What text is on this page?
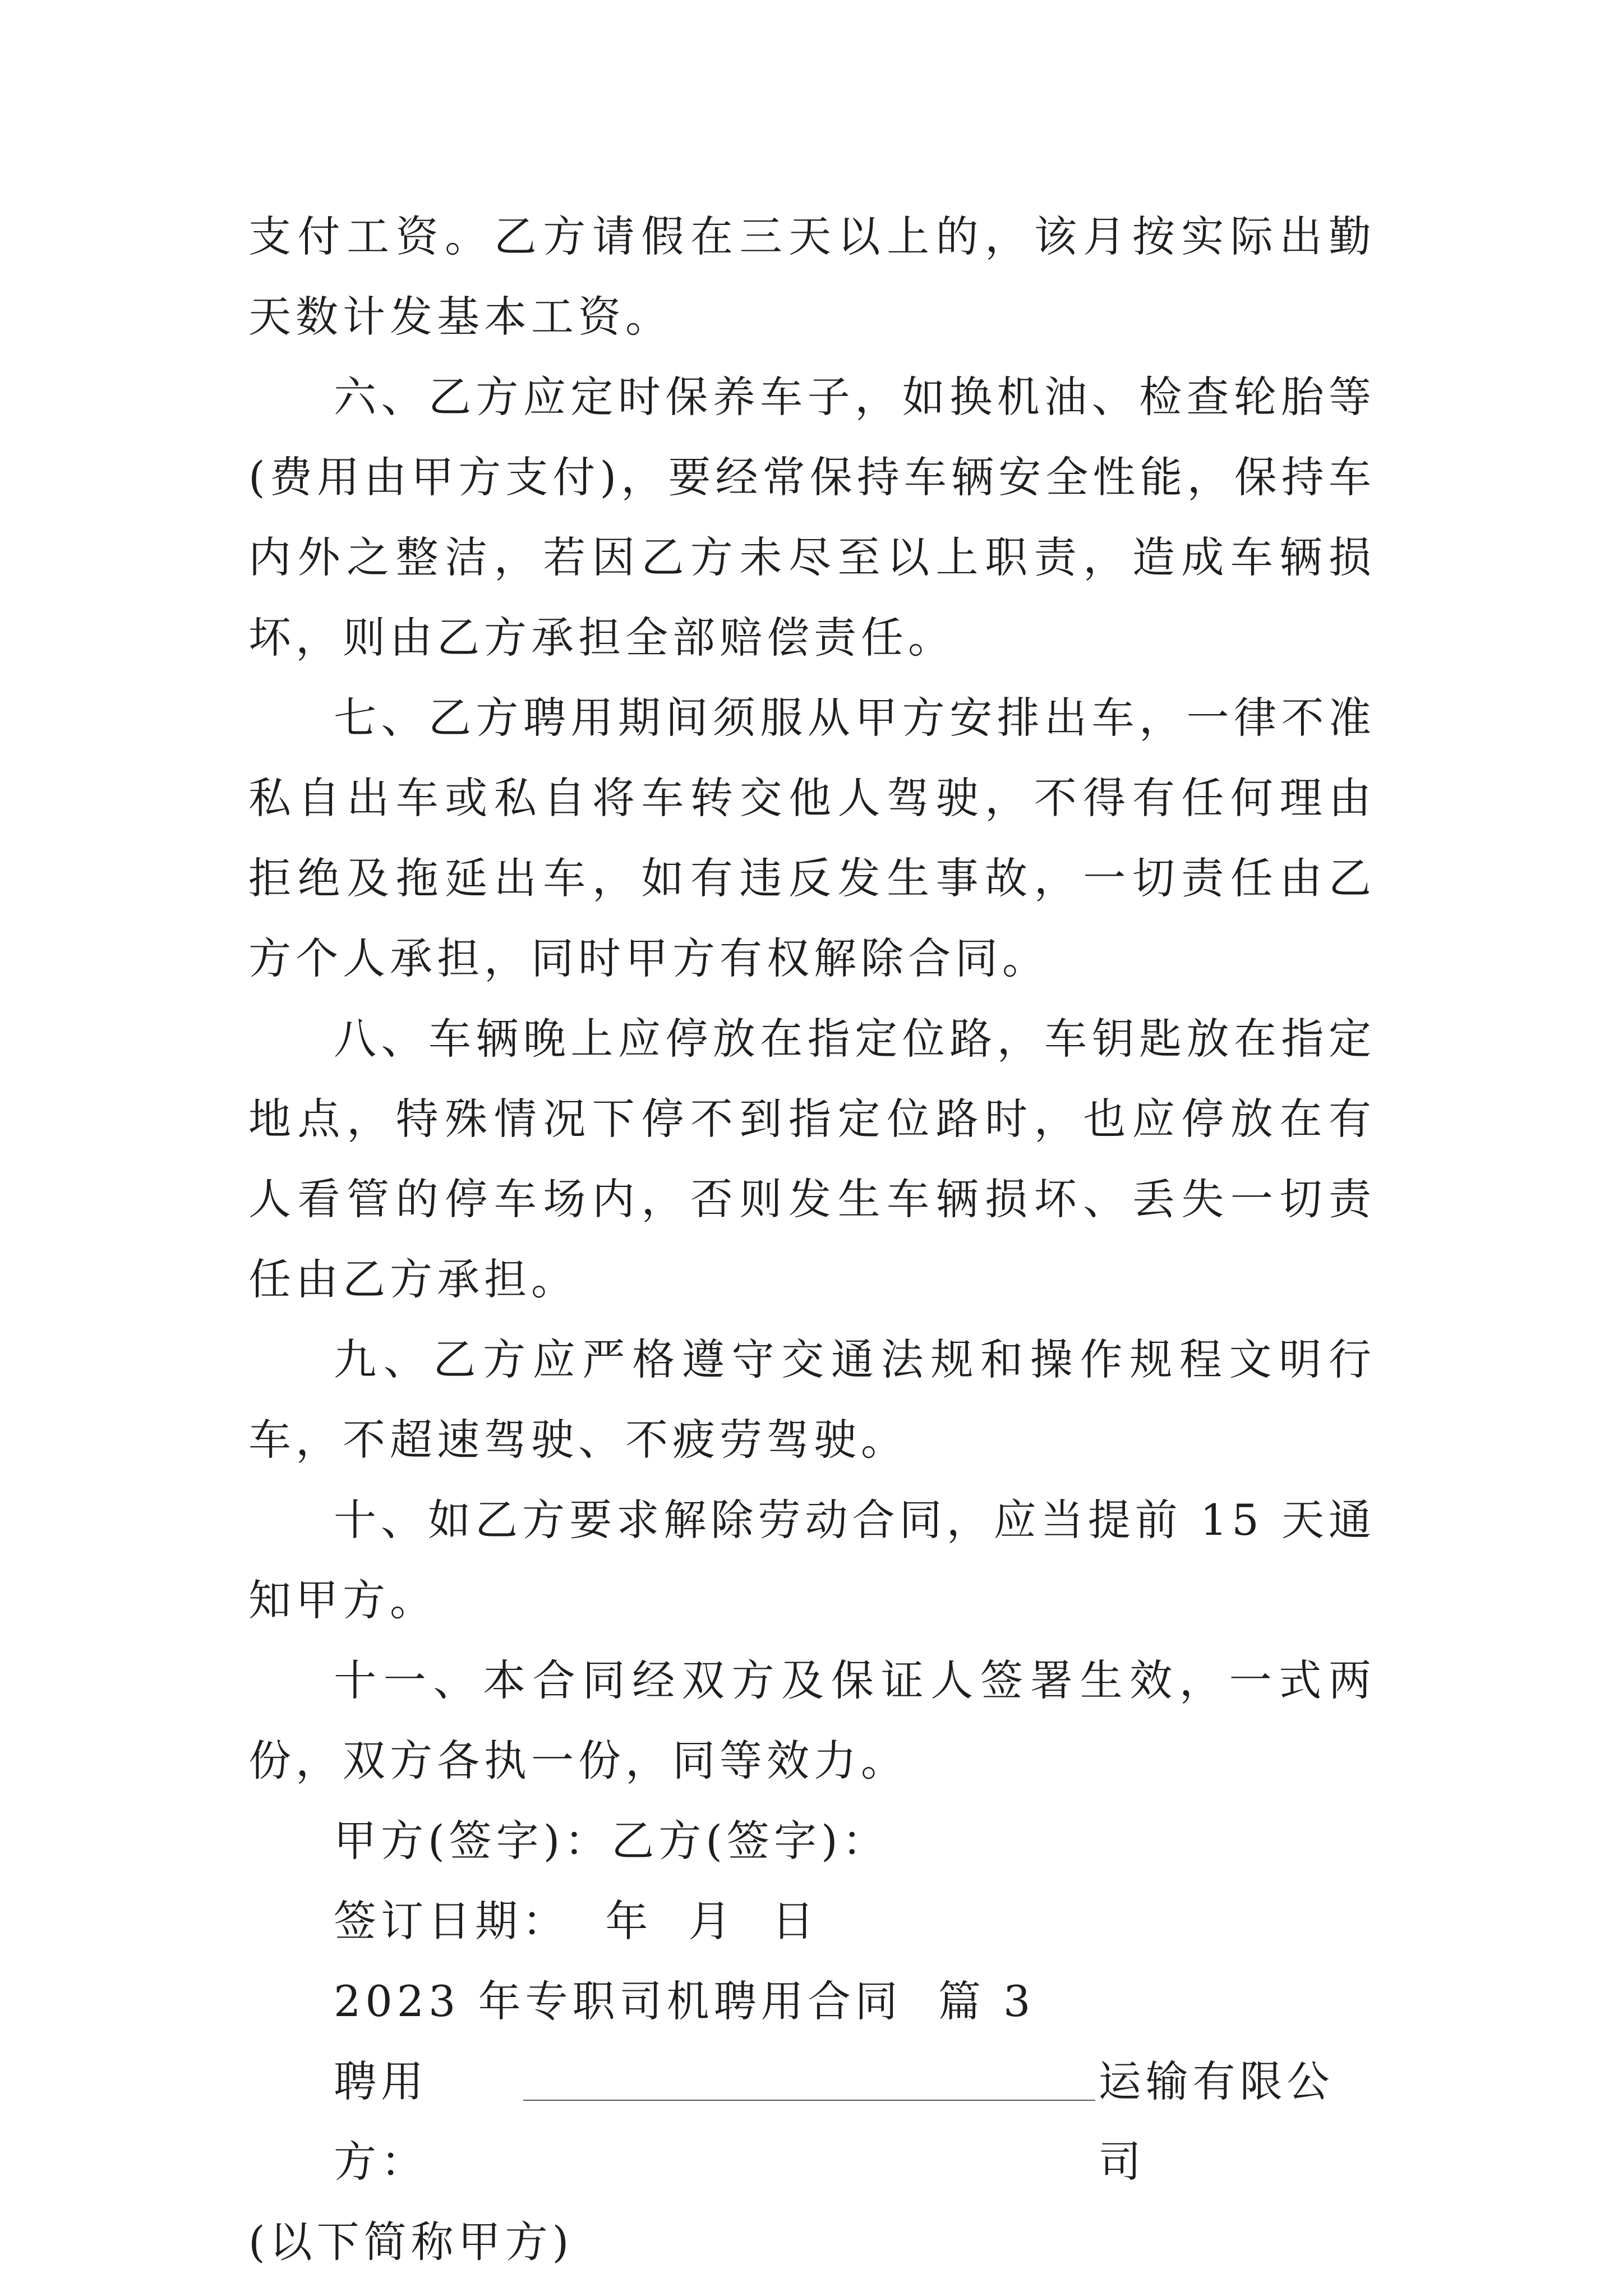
支付工资。乙方请假在三天以上的，该月按实际出勤天数计发基本工资。

六、乙方应定时保养车子，如换机油、检查轮胎等(费用由甲方支付)，要经常保持车辆安全性能，保持车内外之整洁，若因乙方未尽至以上职责，造成车辆损坏，则由乙方承担全部赔偿责任。

七、乙方聘用期间须服从甲方安排出车，一律不准私自出车或私自将车转交他人驾驶，不得有任何理由拒绝及拖延出车，如有违反发生事故，一切责任由乙方个人承担，同时甲方有权解除合同。

八、车辆晚上应停放在指定位路，车钥匙放在指定地点，特殊情况下停不到指定位路时，也应停放在有人看管的停车场内，否则发生车辆损坏、丢失一切责任由乙方承担。

九、乙方应严格遵守交通法规和操作规程文明行车，不超速驾驶、不疲劳驾驶。

十、如乙方要求解除劳动合同，应当提前 15 天通知甲方。

十一、本合同经双方及保证人签署生效，一式两份，双方各执一份，同等效力。

甲方(签字)：乙方(签字)：

签订日期：  年  月  日

2023 年专职司机聘用合同  篇 3

聘用方：
运输有限公司

(以下简称甲方)
